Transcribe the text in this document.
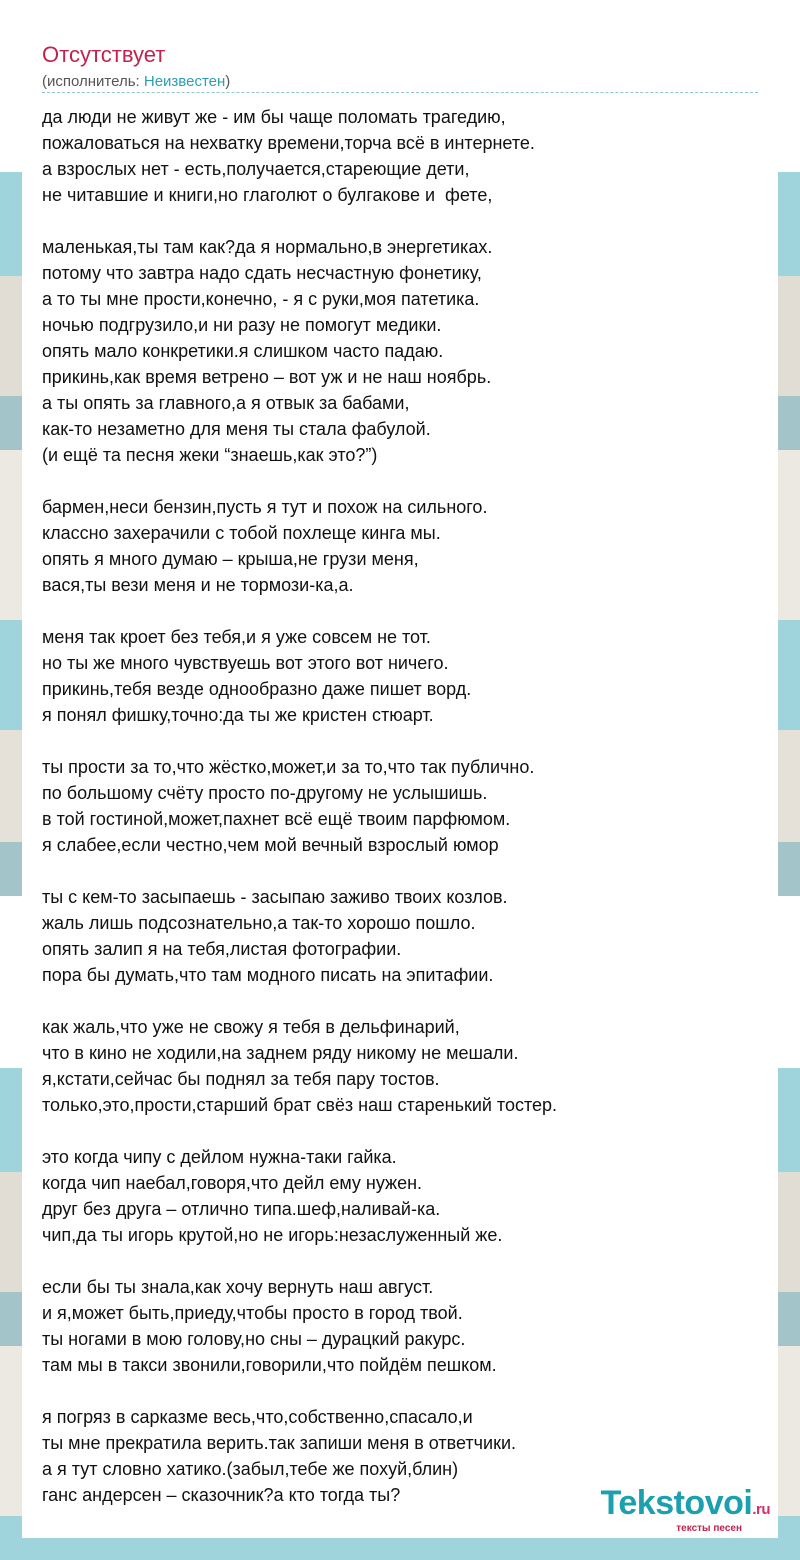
Отсутствует
(исполнитель: Неизвестен)
да люди не живут же - им бы чаще поломать трагедию,
пожаловаться на нехватку времени,торча всё в интернете.
а взрослых нет - есть,получается,стареющие дети,
не читавшие и книги,но глаголют о булгакове и  фете,
маленькая,ты там как?да я нормально,в энергетиках.
потому что завтра надо сдать несчастную фонетику,
а то ты мне прости,конечно, - я с руки,моя патетика.
ночью подгрузило,и ни разу не помогут медики.
опять мало конкретики.я слишком часто падаю.
прикинь,как время ветрено – вот уж и не наш ноябрь.
а ты опять за главного,а я отвык за бабами,
как-то незаметно для меня ты стала фабулой.
(и ещё та песня жеки “знаешь,как это?”)
бармен,неси бензин,пусть я тут и похож на сильного.
классно захерачили с тобой похлеще кинга мы.
опять я много думаю – крыша,не грузи меня,
вася,ты вези меня и не тормози-ка,а.
меня так кроет без тебя,и я уже совсем не тот.
но ты же много чувствуешь вот этого вот ничего.
прикинь,тебя везде однообразно даже пишет ворд.
я понял фишку,точно:да ты же кристен стюарт.
ты прости за то,что жёстко,может,и за то,что так публично.
по большому счёту просто по-другому не услышишь.
в той гостиной,может,пахнет всё ещё твоим парфюмом.
я слабее,если честно,чем мой вечный взрослый юмор
ты с кем-то засыпаешь - засыпаю заживо твоих козлов.
жаль лишь подсознательно,а так-то хорошо пошло.
опять залип я на тебя,листая фотографии.
пора бы думать,что там модного писать на эпитафии.
как жаль,что уже не свожу я тебя в дельфинарий,
что в кино не ходили,на заднем ряду никому не мешали.
я,кстати,сейчас бы поднял за тебя пару тостов.
только,это,прости,старший брат свёз наш старенький тостер.
это когда чипу с дейлом нужна-таки гайка.
когда чип наебал,говоря,что дейл ему нужен.
друг без друга – отлично типа.шеф,наливай-ка.
чип,да ты игорь крутой,но не игорь:незаслуженный же.
если бы ты знала,как хочу вернуть наш август.
и я,может быть,приеду,чтобы просто в город твой.
ты ногами в мою голову,но сны – дурацкий ракурс.
там мы в такси звонили,говорили,что пойдём пешком.
я погряз в сарказме весь,что,собственно,спасало,и
ты мне прекратила верить.так запиши меня в ответчики.
а я тут словно хатико.(забыл,тебе же похуй,блин)
ганс андерсен – сказочник?а кто тогда ты?	Tekstovoi.ru
тексты песен
